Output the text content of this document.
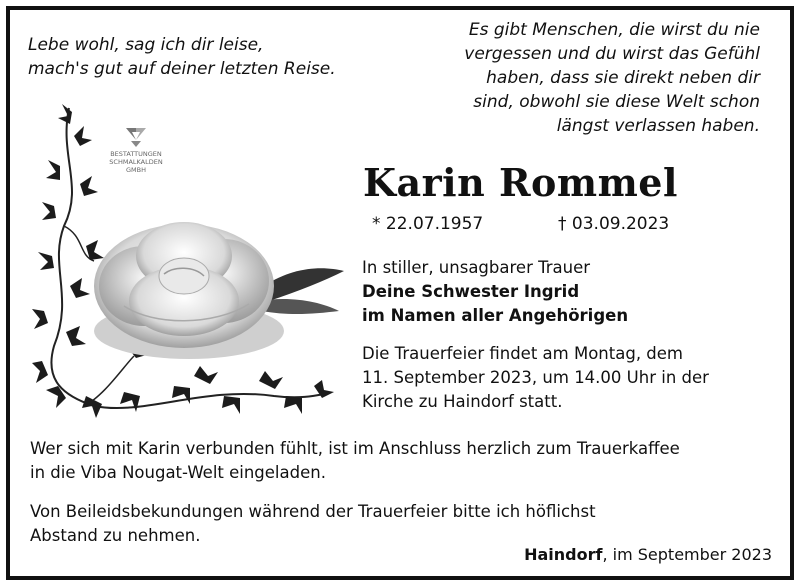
Lebe wohl, sag ich dir leise,
mach's gut auf deiner letzten Reise.
Es gibt Menschen, die wirst du nie
vergessen und du wirst das Gefühl
haben, dass sie direkt neben dir
sind, obwohl sie diese Welt schon
längst verlassen haben.
BESTATTUNGEN
SCHMALKALDEN
GMBH	Karin Rommel
* 22.07.1957	† 03.09.2023
In stiller, unsagbarer Trauer
Deine Schwester Ingrid
im Namen aller Angehörigen
Die Trauerfeier findet am Montag, dem
11. September 2023, um 14.00 Uhr in der
Kirche zu Haindorf statt.
Wer sich mit Karin verbunden fühlt, ist im Anschluss herzlich zum Trauerkaffee
in die Viba Nougat-Welt eingeladen.
Von Beileidsbekundungen während der Trauerfeier bitte ich höflichst
Abstand zu nehmen.
Haindorf, im September 2023
